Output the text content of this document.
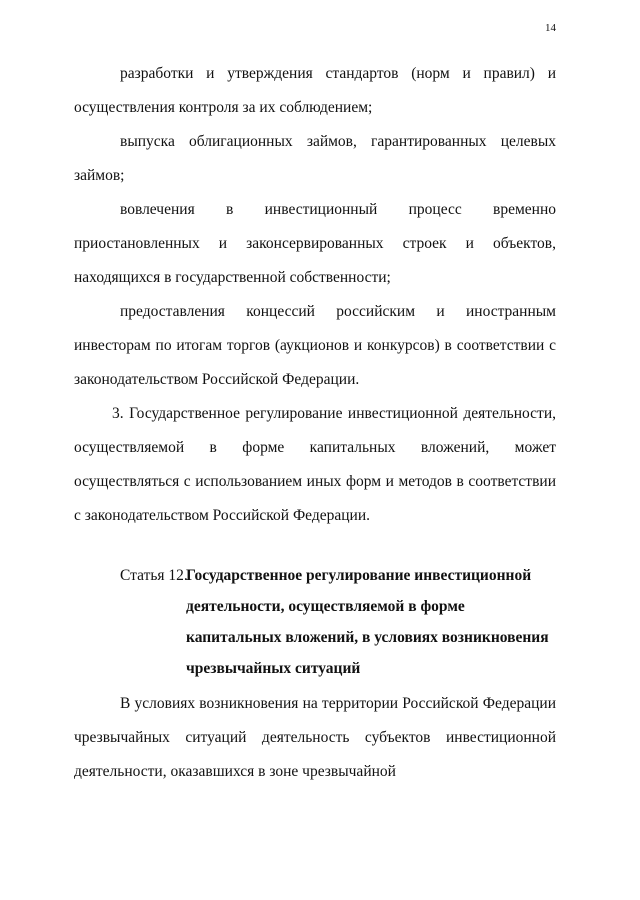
14

разработки и утверждения стандартов (норм и правил) и осуществления контроля за их соблюдением;

выпуска облигационных займов, гарантированных целевых займов;

вовлечения в инвестиционный процесс временно приостановленных и законсервированных строек и объектов, находящихся в государственной собственности;

предоставления концессий российским и иностранным инвесторам по итогам торгов (аукционов и конкурсов) в соответствии с законодательством Российской Федерации.

3. Государственное регулирование инвестиционной деятельности, осуществляемой в форме капитальных вложений, может осуществляться с использованием иных форм и методов в соответствии с законодательством Российской Федерации.

Статья 12.
Государственное регулирование инвестиционной
деятельности, осуществляемой в форме капитальных вложений, в условиях возникновения чрезвычайных ситуаций

В условиях возникновения на территории Российской Федерации чрезвычайных ситуаций деятельность субъектов инвестиционной деятельности, оказавшихся в зоне чрезвычайной
